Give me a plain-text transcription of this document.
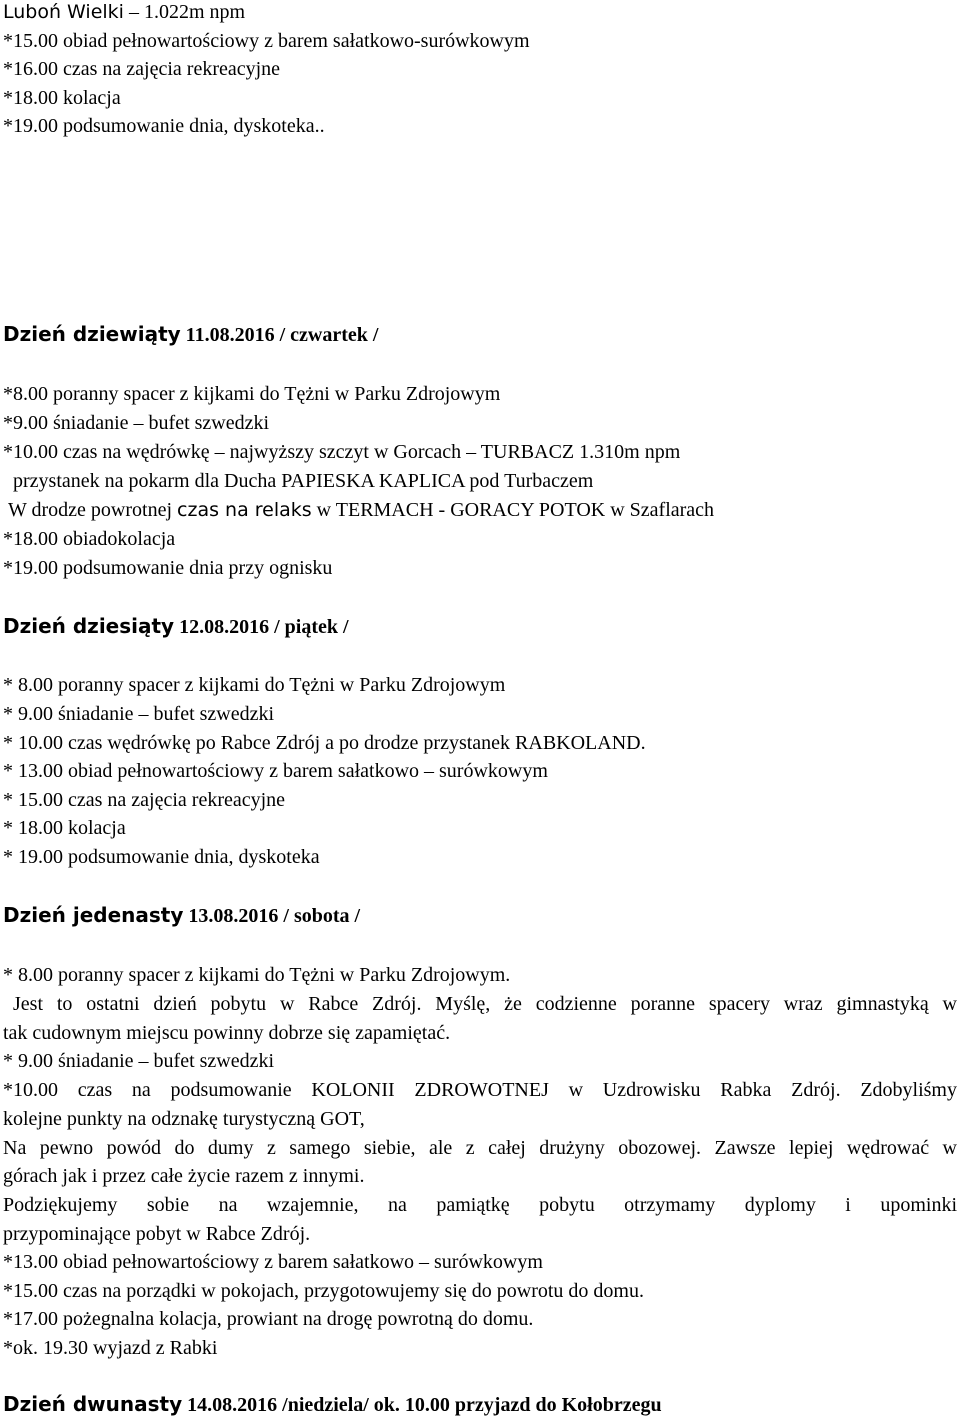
Luboń Wielki – 1.022m npm
*15.00 obiad pełnowartościowy z barem sałatkowo-surówkowym
*16.00 czas na zajęcia rekreacyjne
*18.00 kolacja
*19.00 podsumowanie dnia, dyskoteka..
Dzień dziewiąty 11.08.2016 / czwartek /
*8.00 poranny spacer z kijkami do Tężni w Parku Zdrojowym
*9.00 śniadanie – bufet szwedzki
*10.00 czas na wędrówkę – najwyższy szczyt w Gorcach – TURBACZ 1.310m npm
przystanek na pokarm dla Ducha PAPIESKA KAPLICA pod Turbaczem
W drodze powrotnej czas na relaks w TERMACH - GORACY POTOK w Szaflarach
*18.00 obiadokolacja
*19.00 podsumowanie dnia przy ognisku
Dzień dziesiąty 12.08.2016 / piątek /
* 8.00 poranny spacer z kijkami do Tężni w Parku Zdrojowym
* 9.00 śniadanie – bufet szwedzki
* 10.00 czas wędrówkę po Rabce Zdrój a po drodze przystanek RABKOLAND.
* 13.00 obiad pełnowartościowy z barem sałatkowo – surówkowym
* 15.00 czas na zajęcia rekreacyjne
* 18.00 kolacja
* 19.00 podsumowanie dnia, dyskoteka
Dzień jedenasty 13.08.2016 / sobota /
* 8.00 poranny spacer z kijkami do Tężni w Parku Zdrojowym.
Jest to ostatni dzień pobytu w Rabce Zdrój. Myślę, że codzienne poranne spacery wraz gimnastyką w
tak cudownym miejscu powinny dobrze się zapamiętać.
* 9.00 śniadanie – bufet szwedzki
*10.00 czas na podsumowanie KOLONII ZDROWOTNEJ w Uzdrowisku Rabka Zdrój. Zdobyliśmy
kolejne punkty na odznakę turystyczną GOT,
Na pewno powód do dumy z samego siebie, ale z całej drużyny obozowej. Zawsze lepiej wędrować w
górach jak i przez całe życie razem z innymi.
Podziękujemy sobie na wzajemnie, na pamiątkę pobytu otrzymamy dyplomy i upominki
przypominające pobyt w Rabce Zdrój.
*13.00 obiad pełnowartościowy z barem sałatkowo – surówkowym
*15.00 czas na porządki w pokojach, przygotowujemy się do powrotu do domu.
*17.00 pożegnalna kolacja, prowiant na drogę powrotną do domu.
*ok. 19.30 wyjazd z Rabki
Dzień dwunasty 14.08.2016 /niedziela/ ok. 10.00 przyjazd do Kołobrzegu
